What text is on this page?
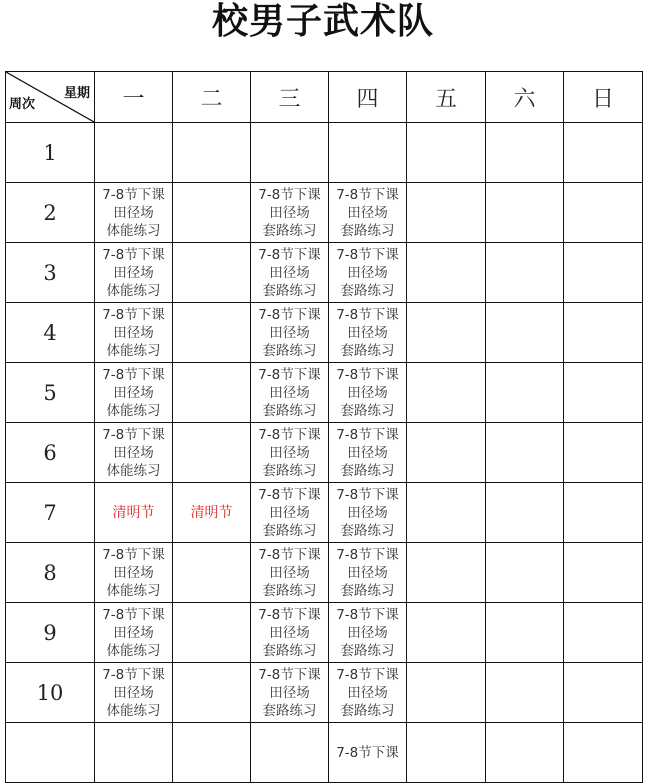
校男子武术队
星期
周次	一	二	三	四	五	六	日
1							
2	7-8节下课
田径场
体能练习		7-8节下课
田径场
套路练习	7-8节下课
田径场
套路练习			

3	7-8节下课
田径场
体能练习		7-8节下课
田径场
套路练习	7-8节下课
田径场
套路练习			

4	7-8节下课
田径场
体能练习		7-8节下课
田径场
套路练习	7-8节下课
田径场
套路练习			

5	7-8节下课
田径场
体能练习		7-8节下课
田径场
套路练习	7-8节下课
田径场
套路练习			

6	7-8节下课
田径场
体能练习		7-8节下课
田径场
套路练习	7-8节下课
田径场
套路练习			

7	清明节	清明节	7-8节下课
田径场
套路练习	7-8节下课
田径场
套路练习			

8	7-8节下课
田径场
体能练习		7-8节下课
田径场
套路练习	7-8节下课
田径场
套路练习			

9	7-8节下课
田径场
体能练习		7-8节下课
田径场
套路练习	7-8节下课
田径场
套路练习			

10	7-8节下课
田径场
体能练习		7-8节下课
田径场
套路练习	7-8节下课
田径场
套路练习			

				7-8节下课			
